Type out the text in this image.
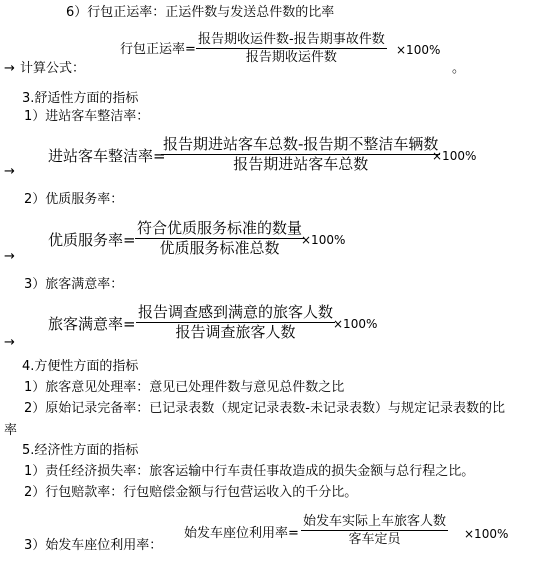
6）行包正运率：正运件数与发送总件数的比率
行包正运率=
报告期收运件数-报告期事故件数
报告期收运件数	×100%
→ 计算公式：	。
3.舒适性方面的指标
1）进站客车整洁率：
进站客车整洁率=
报告期进站客车总数-报告期不整洁车辆数
报告期进站客车总数	×100%
→
2）优质服务率：
优质服务率=
符合优质服务标准的数量
优质服务标准总数	×100%
→
3）旅客满意率：
旅客满意率=
报告调查感到满意的旅客人数
报告调查旅客人数	×100%
→
4.方便性方面的指标
1）旅客意见处理率：意见已处理件数与意见总件数之比
2）原始记录完备率：已记录表数（规定记录表数-未记录表数）与规定记录表数的比
率
5.经济性方面的指标
1）责任经济损失率：旅客运输中行车责任事故造成的损失金额与总行程之比。
2）行包赔款率：行包赔偿金额与行包营运收入的千分比。
3）始发车座位利用率：
始发车座位利用率=
始发车实际上车旅客人数
客车定员	×100%
